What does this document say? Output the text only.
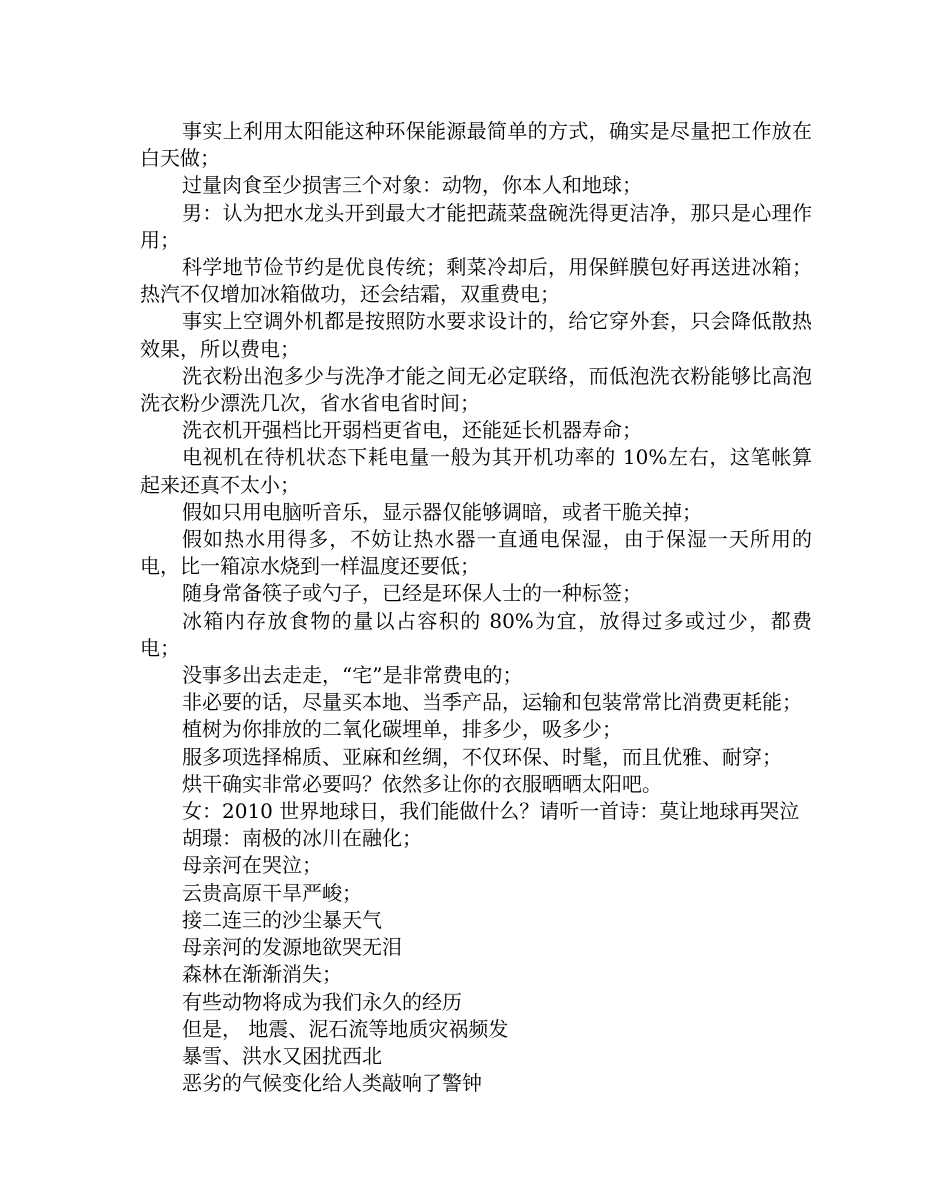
事实上利用太阳能这种环保能源最简单的方式，确实是尽量把工作放在白天做；

过量肉食至少损害三个对象：动物，你本人和地球；

男：认为把水龙头开到最大才能把蔬菜盘碗洗得更洁净，那只是心理作用；

科学地节俭节约是优良传统；剩菜冷却后，用保鲜膜包好再送进冰箱；热汽不仅增加冰箱做功，还会结霜，双重费电；

事实上空调外机都是按照防水要求设计的，给它穿外套，只会降低散热效果，所以费电；

洗衣粉出泡多少与洗净才能之间无必定联络，而低泡洗衣粉能够比高泡洗衣粉少漂洗几次，省水省电省时间；

洗衣机开强档比开弱档更省电，还能延长机器寿命；

电视机在待机状态下耗电量一般为其开机功率的 10%左右，这笔帐算起来还真不太小；

假如只用电脑听音乐，显示器仅能够调暗，或者干脆关掉；

假如热水用得多，不妨让热水器一直通电保湿，由于保湿一天所用的电，比一箱凉水烧到一样温度还要低；

随身常备筷子或勺子，已经是环保人士的一种标签；

冰箱内存放食物的量以占容积的 80%为宜，放得过多或过少，都费电；

没事多出去走走，“宅”是非常费电的；

非必要的话，尽量买本地、当季产品，运输和包装常常比消费更耗能；

植树为你排放的二氧化碳埋单，排多少，吸多少；

服多项选择棉质、亚麻和丝绸，不仅环保、时髦，而且优雅、耐穿；

烘干确实非常必要吗？依然多让你的衣服晒晒太阳吧。

女：2010 世界地球日，我们能做什么？请听一首诗：莫让地球再哭泣

胡璟：南极的冰川在融化；

母亲河在哭泣；

云贵高原干旱严峻；

接二连三的沙尘暴天气

母亲河的发源地欲哭无泪

森林在渐渐消失；

有些动物将成为我们永久的经历

但是， 地震、泥石流等地质灾祸频发

暴雪、洪水又困扰西北

恶劣的气候变化给人类敲响了警钟
